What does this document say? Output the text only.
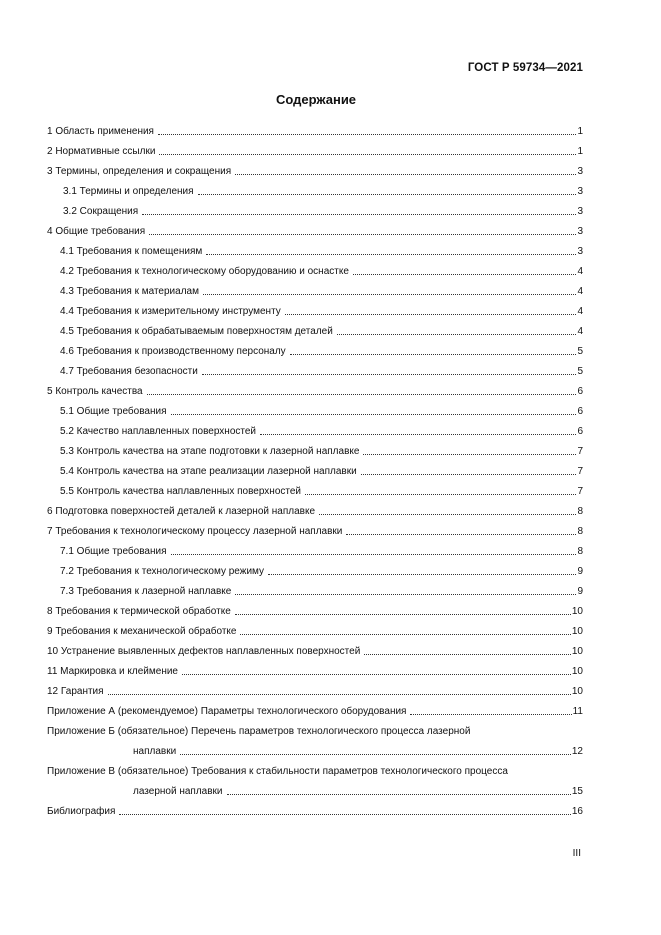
ГОСТ Р 59734—2021
Содержание
1 Область применения	1
2 Нормативные ссылки	1
3 Термины, определения и сокращения	3
3.1 Термины и определения	3
3.2 Сокращения	3
4 Общие требования	3
4.1 Требования к помещениям	3
4.2 Требования к технологическому оборудованию и оснастке	4
4.3 Требования к материалам	4
4.4 Требования к измерительному инструменту	4
4.5 Требования к обрабатываемым поверхностям деталей	4
4.6 Требования к производственному персоналу	5
4.7 Требования безопасности	5
5 Контроль качества	6
5.1 Общие требования	6
5.2 Качество наплавленных поверхностей	6
5.3 Контроль качества на этапе подготовки к лазерной наплавке	7
5.4 Контроль качества на этапе реализации лазерной наплавки	7
5.5 Контроль качества наплавленных поверхностей	7
6 Подготовка поверхностей деталей к лазерной наплавке	8
7 Требования к технологическому процессу лазерной наплавки	8
7.1 Общие требования	8
7.2 Требования к технологическому режиму	9
7.3 Требования к лазерной наплавке	9
8 Требования к термической обработке	10
9 Требования к механической обработке	10
10 Устранение выявленных дефектов наплавленных поверхностей	10
11 Маркировка и клеймение	10
12 Гарантия	10
Приложение А (рекомендуемое) Параметры технологического оборудования	11
Приложение Б (обязательное) Перечень параметров технологического процесса лазерной
наплавки	12
Приложение В (обязательное) Требования к стабильности параметров технологического процесса
лазерной наплавки	15
Библиография	16
III
